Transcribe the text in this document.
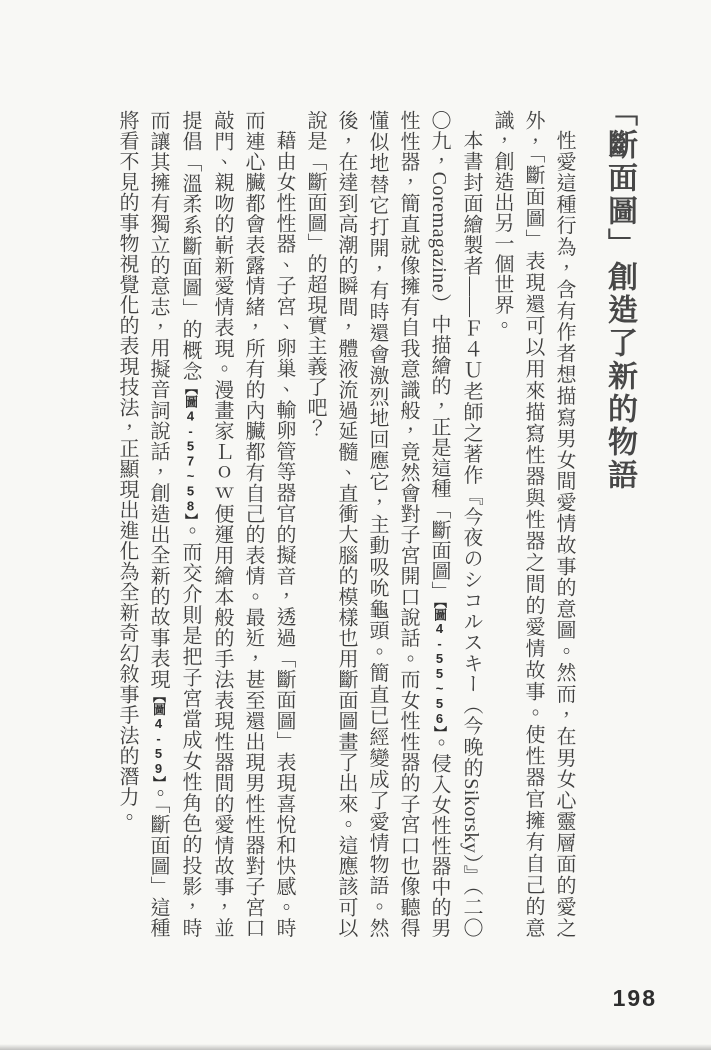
「斷面圖」創造了新的物語

性愛這種行為，含有作者想描寫男女間愛情故事的意圖。然而，在男女心靈層面的愛之外，「斷面圖」表現還可以用來描寫性器與性器之間的愛情故事。使性器官擁有自己的意識，創造出另一個世界。

本書封面繪製者——Ｆ４Ｕ老師之著作『今夜のシコルスキー（今晚的Sikorsky）』（二〇〇九，Coremagazine）中描繪的，正是這種「斷面圖」【圖4-55~56】。侵入女性性器中的男性性器，簡直就像擁有自我意識般，竟然會對子宮開口說話。而女性性器的子宮口也像聽得懂似地替它打開，有時還會激烈地回應它，主動吸吮龜頭。簡直已經變成了愛情物語。然後，在達到高潮的瞬間，體液流過延髓、直衝大腦的模樣也用斷面圖畫了出來。這應該可以說是「斷面圖」的超現實主義了吧？

藉由女性性器、子宮、卵巢、輸卵管等器官的擬音，透過「斷面圖」表現喜悅和快感。時而連心臟都會表露情緒，所有的內臟都有自己的表情。最近，甚至還出現男性性器對子宮口敲門、親吻的嶄新愛情表現。漫畫家Ｌｏｗ便運用繪本般的手法表現性器間的愛情故事，並提倡「溫柔系斷面圖」的概念【圖4-57~58】。而交介則是把子宮當成女性角色的投影，時而讓其擁有獨立的意志，用擬音詞說話，創造出全新的故事表現【圖4-59】。「斷面圖」這種將看不見的事物視覺化的表現技法，正顯現出進化為全新奇幻敘事手法的潛力。

198
